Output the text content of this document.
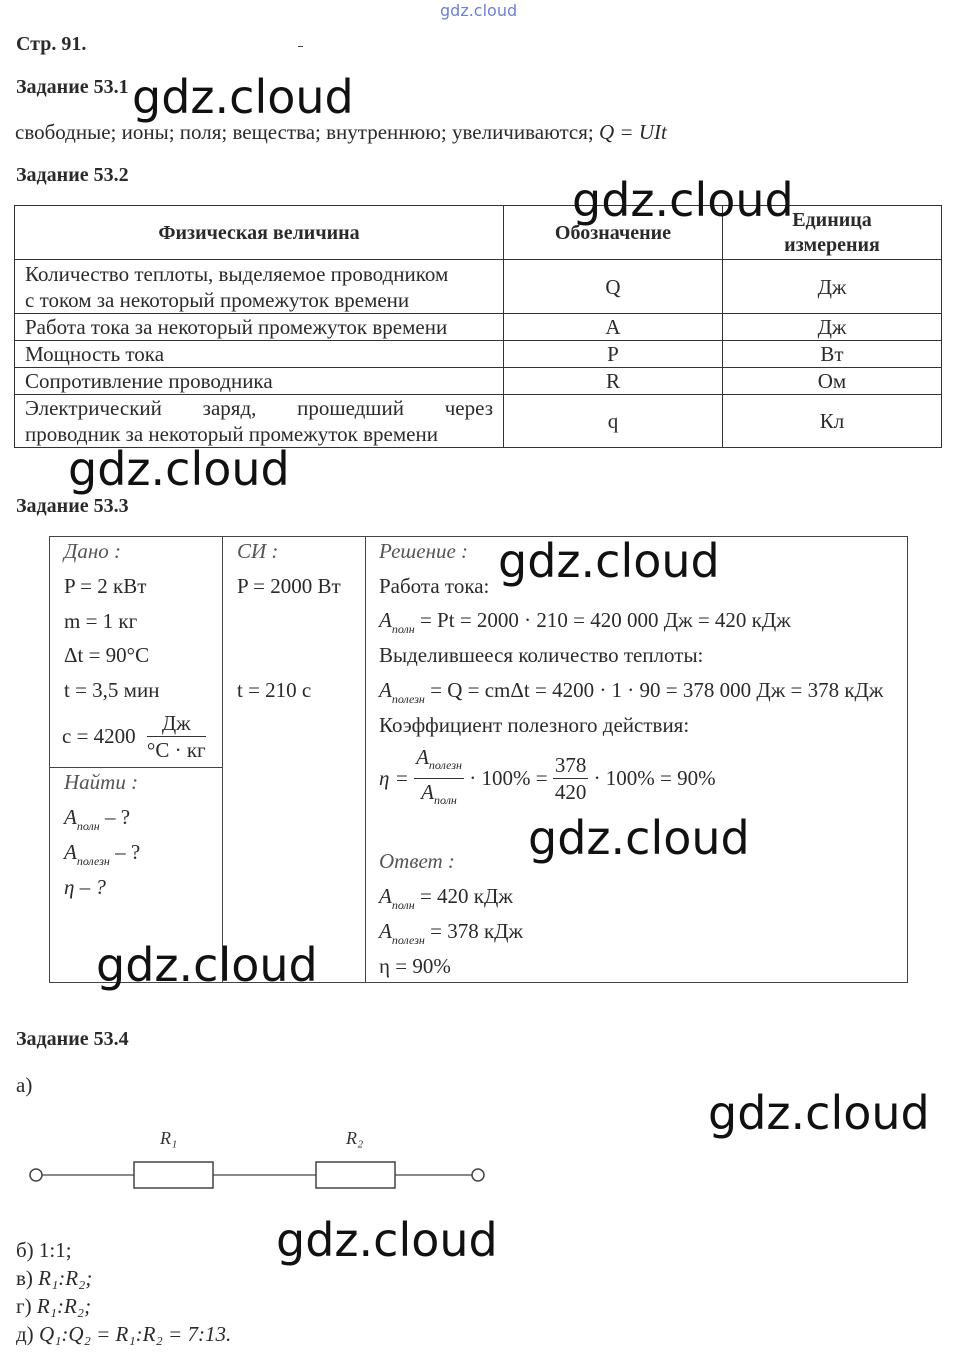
gdz.cloud
Стр. 91.
Задание 53.1 gdz.cloud
свободные; ионы; поля; вещества; внутреннюю; увеличиваются; Q = UIt
Задание 53.2
Физическая величина	Обозначение	Единица
измерения

Количество теплоты, выделяемое проводником
с током за некоторый промежуток времени	Q	Дж
Работа тока за некоторый промежуток времени	A	Дж
Мощность тока	P	Вт
Сопротивление проводника	R	Ом

Электрический заряд, прошедший через
проводник за некоторый промежуток времени	q	Кл
gdz.cloud
gdz.cloud
Задание 53.3
Дано :
P = 2 кВт
m = 1 кг
Δt = 90°C
t = 3,5 мин
$c = 4200 \frac{Дж}{^\circ С \cdot кг}$
Найти :
$A_{полн}$ – ?
$A_{полезн}$ – ?
η – ?
СИ :
P = 2000 Вт
t = 210 с
Решение :
Работа тока:
$A_{полн} = Pt = 2000 \cdot 210 = 420$ 000 Дж = 420 кДж
Выделившееся количество теплоты:
$A_{полезн} = Q = cm\Delta t = 4200 \cdot 1 \cdot 90 = 378$ 000 Дж = 378 кДж
Коэффициент полезного действия:
$\eta = \frac{A_{полезн}}{A_{полн}} \cdot 100\% = \frac{378}{420} \cdot 100\% = 90\%$
Ответ :
$A_{полн} = 420$ кДж
$A_{полезн} = 378$ кДж
η = 90%
gdz.cloud
gdz.cloud
gdz.cloud
Задание 53.4
а)
gdz.cloud
R₁	R₂
б) 1:1;	gdz.cloud
в) R₁:R₂;
г) R₁:R₂;
д) Q₁:Q₂ = R₁:R₂ = 7:13.
